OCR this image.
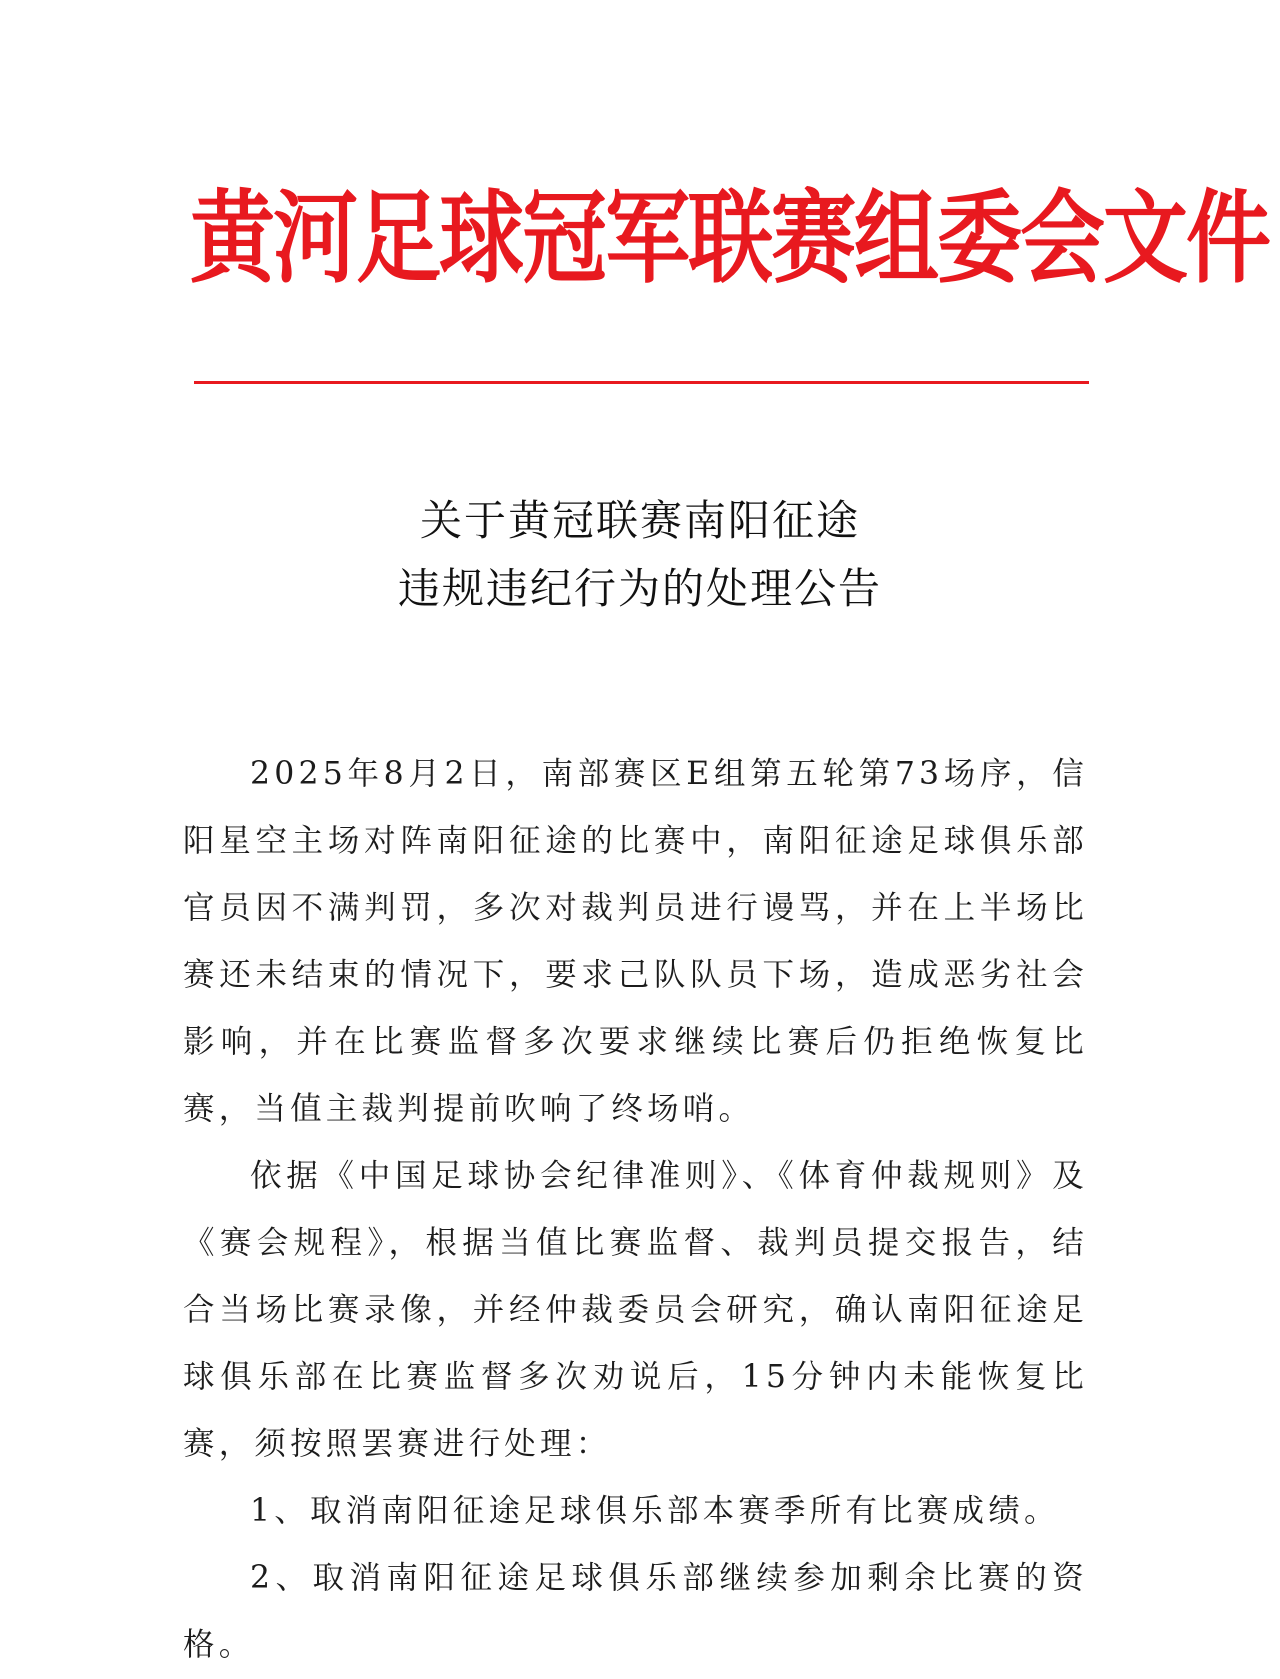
黄河足球冠军联赛组委会文件
关于黄冠联赛南阳征途
违规违纪行为的处理公告

2025年8月2日，南部赛区E组第五轮第73场序，信阳星空主场对阵南阳征途的比赛中，南阳征途足球俱乐部官员因不满判罚，多次对裁判员进行谩骂，并在上半场比赛还未结束的情况下，要求己队队员下场，造成恶劣社会影响，并在比赛监督多次要求继续比赛后仍拒绝恢复比赛，当值主裁判提前吹响了终场哨。

依据《中国足球协会纪律准则》、《体育仲裁规则》及《赛会规程》，根据当值比赛监督、裁判员提交报告，结合当场比赛录像，并经仲裁委员会研究，确认南阳征途足球俱乐部在比赛监督多次劝说后，15分钟内未能恢复比赛，须按照罢赛进行处理：

1、取消南阳征途足球俱乐部本赛季所有比赛成绩。

2、取消南阳征途足球俱乐部继续参加剩余比赛的资格。
